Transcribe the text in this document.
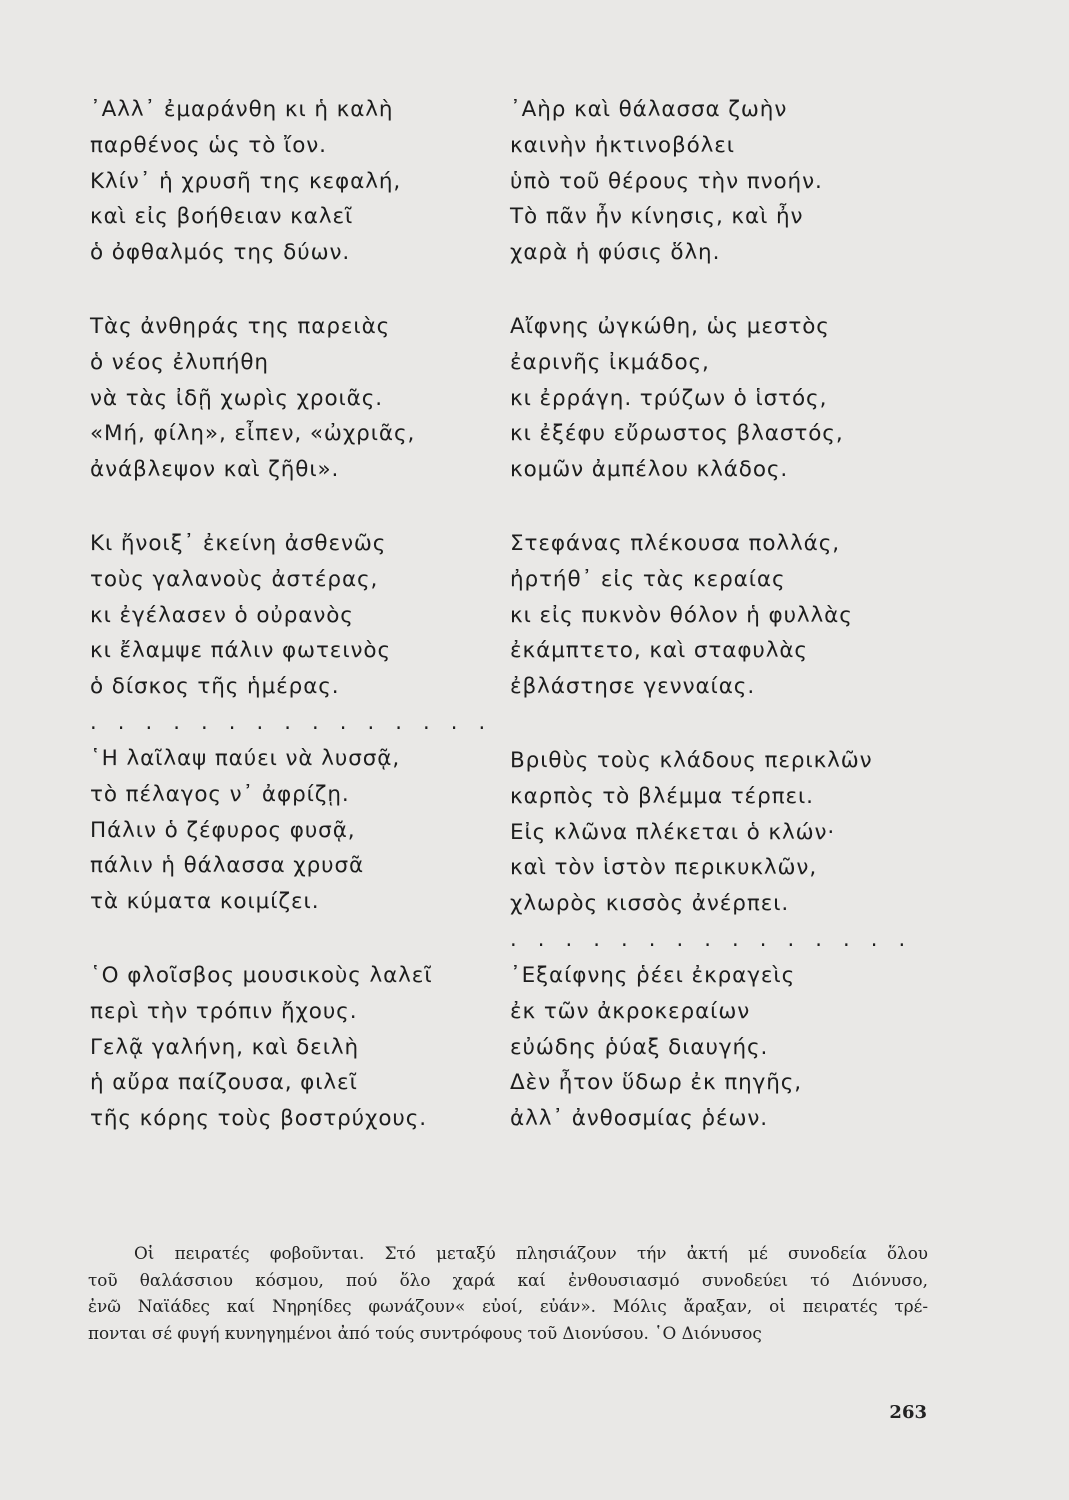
᾿Αλλ᾿ ἐμαράνθη κι ἡ καλὴ
παρθένος ὡς τὸ ἴον.
Κλίν᾿ ἡ χρυσῆ της κεφαλή,
καὶ εἰς βοήθειαν καλεῖ
ὁ ὀφθαλμός της δύων.
Τὰς ἀνθηράς της παρειὰς
ὁ νέος ἐλυπήθη
νὰ τὰς ἰδῇ χωρὶς χροιᾶς.
«Μή, φίλη», εἶπεν, «ὠχριᾶς,
ἀνάβλεψον καὶ ζῆθι».
Κι ἤνοιξ᾿ ἐκείνη ἀσθενῶς
τοὺς γαλανοὺς ἀστέρας,
κι ἐγέλασεν ὁ οὐρανὸς
κι ἔλαμψε πάλιν φωτεινὸς
ὁ δίσκος τῆς ἡμέρας.
. . . . . . . . . . . . . . .
῾Η λαῖλαψ παύει νὰ λυσσᾷ,
τὸ πέλαγος ν᾿ ἀφρίζῃ.
Πάλιν ὁ ζέφυρος φυσᾷ,
πάλιν ἡ θάλασσα χρυσᾶ
τὰ κύματα κοιμίζει.
῾Ο φλοῖσβος μουσικοὺς λαλεῖ
περὶ τὴν τρόπιν ἤχους.
Γελᾷ γαλήνη, καὶ δειλὴ
ἡ αὔρα παίζουσα, φιλεῖ
τῆς κόρης τοὺς βοστρύχους.
᾿Αὴρ καὶ θάλασσα ζωὴν
καινὴν ἠκτινοβόλει
ὑπὸ τοῦ θέρους τὴν πνοήν.
Τὸ πᾶν ἦν κίνησις, καὶ ἦν
χαρὰ ἡ φύσις ὅλη.
Αἴφνης ὠγκώθη, ὡς μεστὸς
ἐαρινῆς ἰκμάδος,
κι ἐρράγη. τρύζων ὁ ἱστός,
κι ἐξέφυ εὔρωστος βλαστός,
κομῶν ἀμπέλου κλάδος.
Στεφάνας πλέκουσα πολλάς,
ἠρτήθ᾿ εἰς τὰς κεραίας
κι εἰς πυκνὸν θόλον ἡ φυλλὰς
ἐκάμπτετο, καὶ σταφυλὰς
ἐβλάστησε γενναίας.
Βριθὺς τοὺς κλάδους περικλῶν
καρπὸς τὸ βλέμμα τέρπει.
Εἰς κλῶνα πλέκεται ὁ κλών·
καὶ τὸν ἱστὸν περικυκλῶν,
χλωρὸς κισσὸς ἀνέρπει.
. . . . . . . . . . . . . . .
᾿Εξαίφνης ῥέει ἐκραγεὶς
ἐκ τῶν ἀκροκεραίων
εὐώδης ῥύαξ διαυγής.
Δὲν ἦτον ὕδωρ ἐκ πηγῆς,
ἀλλ᾿ ἀνθοσμίας ῥέων.
Οἱ πειρατές φοβοῦνται. Στό μεταξύ πλησιάζουν τήν ἀκτή μέ συνοδεία ὅλου
τοῦ θαλάσσιου κόσμου, πού ὅλο χαρά καί ἐνθουσιασμό συνοδεύει τό Διόνυσο,
ἐνῶ Ναϊάδες καί Νηρηίδες φωνάζουν« εὐοί, εὐάν». Μόλις ἄραξαν, οἱ πειρατές τρέ-
πονται σέ φυγή κυνηγημένοι ἀπό τούς συντρόφους τοῦ Διονύσου. ῾Ο Διόνυσος
263
